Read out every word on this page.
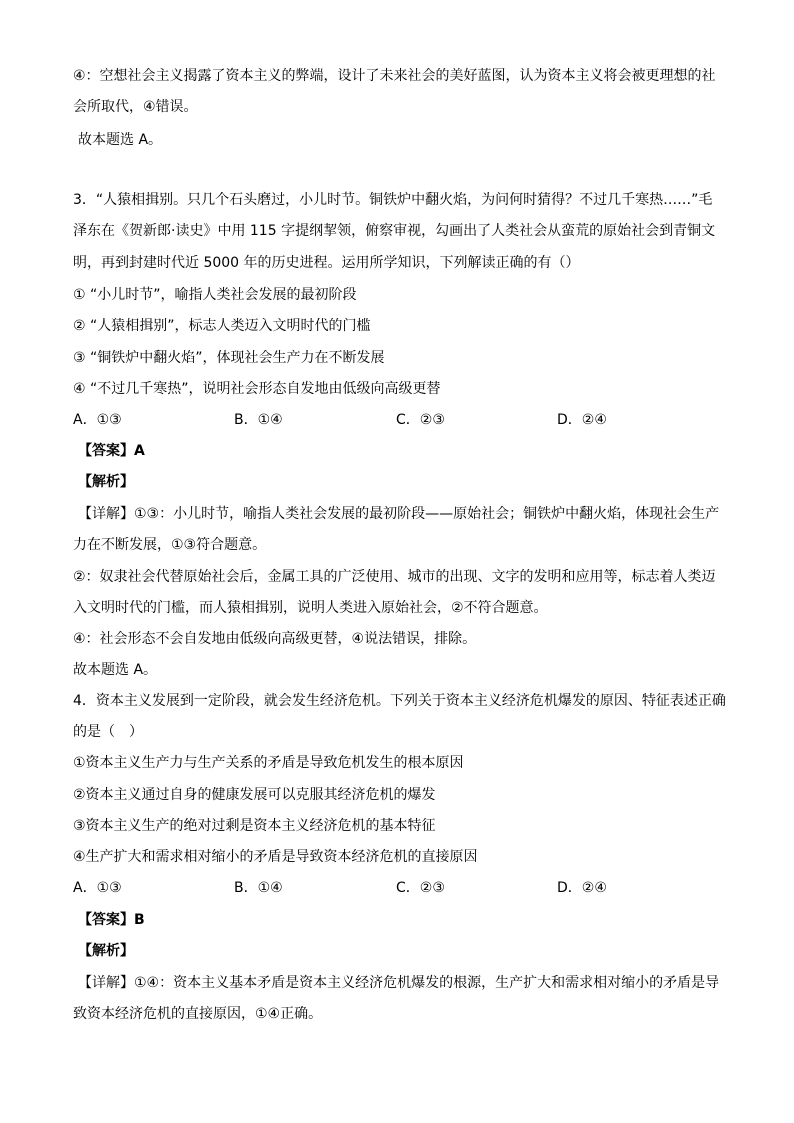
④：空想社会主义揭露了资本主义的弊端，设计了未来社会的美好蓝图，认为资本主义将会被更理想的社
会所取代，④错误。
故本题选 A。
3．“人猿相揖别。只几个石头磨过，小儿时节。铜铁炉中翻火焰，为问何时猜得？不过几千寒热……”毛
泽东在《贺新郎·读史》中用 115 字提纲挈领，俯察审视，勾画出了人类社会从蛮荒的原始社会到青铜文
明，再到封建时代近 5000 年的历史进程。运用所学知识，下列解读正确的有（）
① “小儿时节”，喻指人类社会发展的最初阶段
② “人猿相揖别”，标志人类迈入文明时代的门槛
③ “铜铁炉中翻火焰”，体现社会生产力在不断发展
④ “不过几千寒热”，说明社会形态自发地由低级向高级更替
A．①③	B．①④	C．②③	D．②④
【答案】A
【解析】
【详解】①③：小儿时节，喻指人类社会发展的最初阶段——原始社会；铜铁炉中翻火焰，体现社会生产
力在不断发展，①③符合题意。
②：奴隶社会代替原始社会后，金属工具的广泛使用、城市的出现、文字的发明和应用等，标志着人类迈
入文明时代的门槛，而人猿相揖别，说明人类进入原始社会，②不符合题意。
④：社会形态不会自发地由低级向高级更替，④说法错误，排除。
故本题选 A。
4．资本主义发展到一定阶段，就会发生经济危机。下列关于资本主义经济危机爆发的原因、特征表述正确
的是（　）
①资本主义生产力与生产关系的矛盾是导致危机发生的根本原因
②资本主义通过自身的健康发展可以克服其经济危机的爆发
③资本主义生产的绝对过剩是资本主义经济危机的基本特征
④生产扩大和需求相对缩小的矛盾是导致资本经济危机的直接原因
A．①③	B．①④	C．②③	D．②④
【答案】B
【解析】
【详解】①④：资本主义基本矛盾是资本主义经济危机爆发的根源，生产扩大和需求相对缩小的矛盾是导
致资本经济危机的直接原因，①④正确。
